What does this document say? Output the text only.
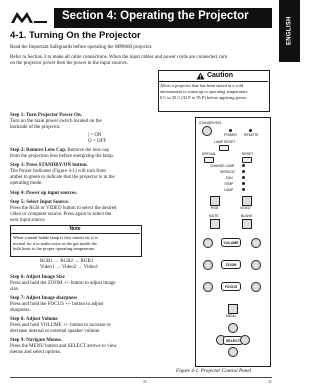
Section 4: Operating the Projector
ENGLISH
4-1. Turning On the Projector
Read the Important Safeguards before operating the MP8660 projector.
Refer to Section 3 to make all cable connections. When the input cables and power cords are connected, turn
on the projector power then the power to the input sources.
Caution
Allow a projector that has been stored in a cold
environment to warm up to operating temperature
0 C to 35 C (32 F to 95 F) before applying power.
Step 1: Turn Projector Power On.
Turn on the main power switch located on the
backside of the projector.
| = ON
O = OFF
Step 2: Remove Lens Cap. Remove the lens cap
from the projection lens before energizing the lamp.
Step 3: Press STANDBY/ON button.
The Power Indicator (Figure 4-1) will turn from
amber to green to indicate that the projector is in the
operating mode.
Note
When a metal halide lamp is first turned on, it is
normal for it to make noise as the gas inside the
bulb heats to the proper operating temperature.
Step 4: Power up input sources.
Step 5: Select Input Source.
Press the RGB or VIDEO button to select the desired
video or computer source. Press again to select the
next input source.
RGB1 → RGB2 → RGB1
Video1 → Video2 → Video1
Step 6: Adjust Image Size
Press and hold the ZOOM +/- button to adjust image
size.
Step 7: Adjust Image sharpness
Press and hold the FOCUS +/- button to adjust
sharpness.
Step 8: Adjust Volume
Press and hold VOLUME +/- button to increase or
decrease internal or external speaker volume.
Step 9: Navigate Menus.
Press the MENU button and SELECT arrows to view
menus and select options.
STANDBY/ON
POWER REMOTE
LAMP RESET
SPECIAL	RESET
CHANGE LAMP
SERVICE
FAN
TEMP
LAMP
RGB	VIDEO
MUTE	BLANK
VOLUME
ZOOM
FOCUS
MENU
SELECT
Figure 4-1. Projector Control Panel
11	11
